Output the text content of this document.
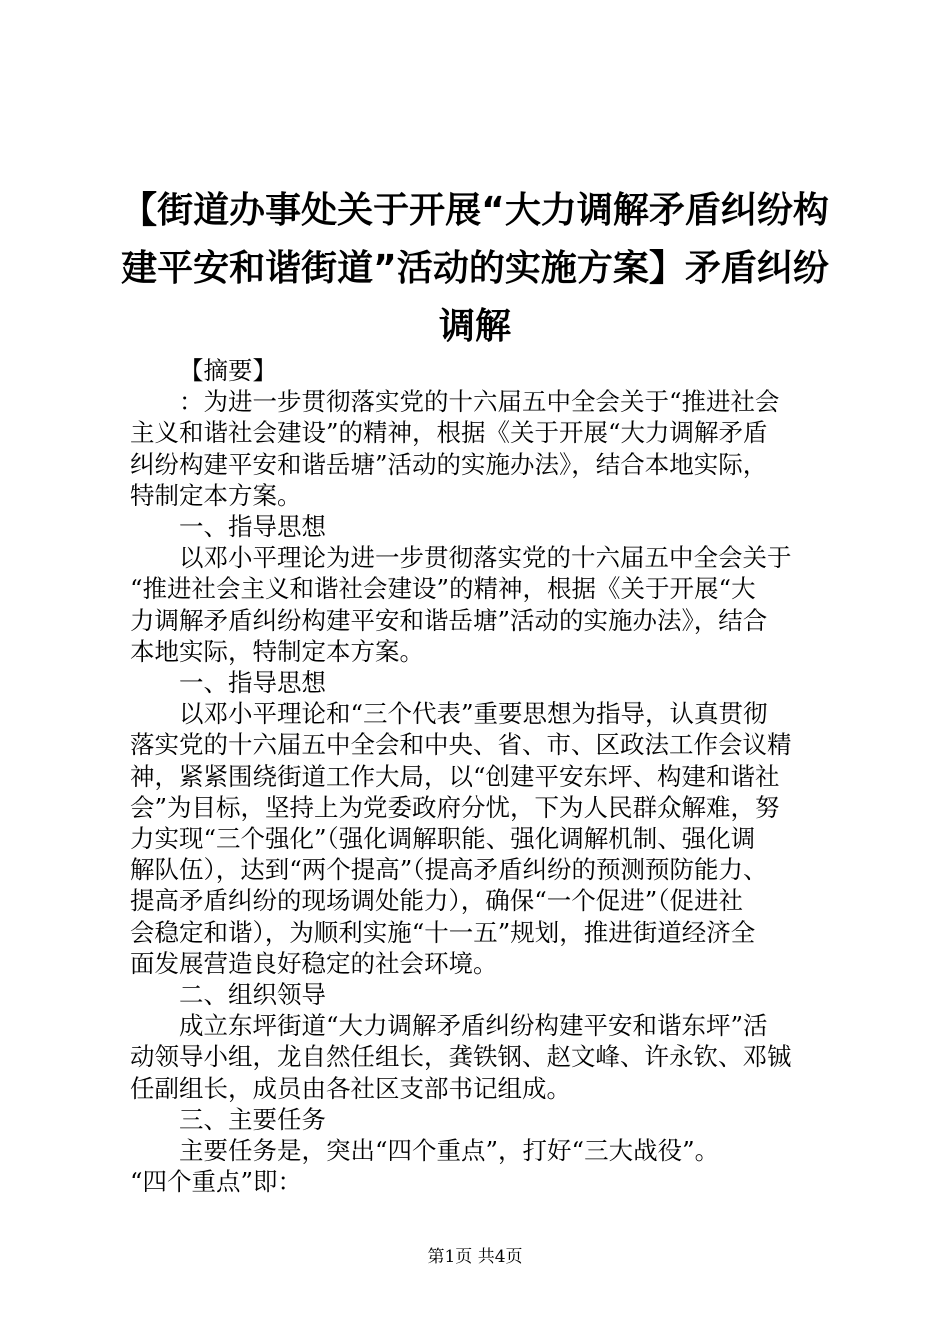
【街道办事处关于开展“大力调解矛盾纠纷构
建平安和谐街道”活动的实施方案】矛盾纠纷
调解

【摘要】

：为进一步贯彻落实党的十六届五中全会关于“推进社会
主义和谐社会建设”的精神，根据《关于开展“大力调解矛盾
纠纷构建平安和谐岳塘”活动的实施办法》，结合本地实际，
特制定本方案。

一、指导思想

以邓小平理论为进一步贯彻落实党的十六届五中全会关于
“推进社会主义和谐社会建设”的精神，根据《关于开展“大
力调解矛盾纠纷构建平安和谐岳塘”活动的实施办法》，结合
本地实际，特制定本方案。

一、指导思想

以邓小平理论和“三个代表”重要思想为指导，认真贯彻
落实党的十六届五中全会和中央、省、市、区政法工作会议精
神，紧紧围绕街道工作大局，以“创建平安东坪、构建和谐社
会”为目标，坚持上为党委政府分忧，下为人民群众解难，努
力实现“三个强化”（强化调解职能、强化调解机制、强化调
解队伍），达到“两个提高”（提高矛盾纠纷的预测预防能力、
提高矛盾纠纷的现场调处能力），确保“一个促进”（促进社
会稳定和谐），为顺利实施“十一五”规划，推进街道经济全
面发展营造良好稳定的社会环境。

二、组织领导

成立东坪街道“大力调解矛盾纠纷构建平安和谐东坪”活
动领导小组，龙自然任组长，龚铁钢、赵文峰、许永钦、邓铖
任副组长，成员由各社区支部书记组成。

三、主要任务

主要任务是，突出“四个重点”，打好“三大战役”。
“四个重点”即：

第1页 共4页
